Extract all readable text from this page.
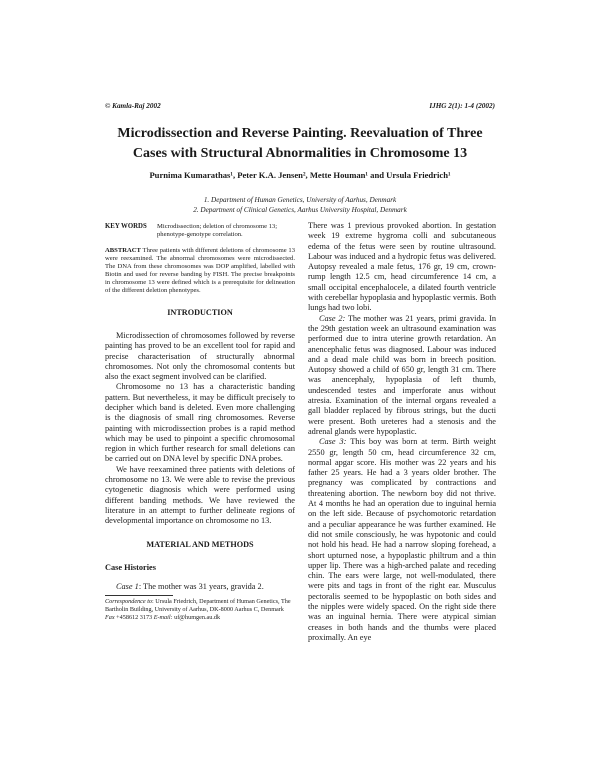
© Kamla-Raj 2002	IJHG 2(1): 1-4 (2002)
Microdissection and Reverse Painting. Reevaluation of Three Cases with Structural Abnormalities in Chromosome 13
Purnima Kumarathas¹, Peter K.A. Jensen², Mette Houman¹ and Ursula Friedrich¹
1. Department of Human Genetics, University of Aarhus, Denmark
2. Department of Clinical Genetics, Aarhus University Hospital, Denmark
KEY WORDS	Microdissection; deletion of chromosome 13; phenotype-genotype correlation.

ABSTRACT Three patients with different deletions of chromosome 13 were reexamined. The abnormal chromosomes were microdissected. The DNA from these chromosomes was DOP amplified, labelled with Biotin and used for reverse banding by FISH. The precise breakpoints in chromosome 13 were defined which is a prerequisite for delineation of the different deletion phenotypes.

INTRODUCTION

Microdissection of chromosomes followed by reverse painting has proved to be an excellent tool for rapid and precise characterisation of structurally abnormal chromosomes. Not only the chromosomal contents but also the exact segment involved can be clarified.

Chromosome no 13 has a characteristic banding pattern. But nevertheless, it may be difficult precisely to decipher which band is deleted. Even more challenging is the diagnosis of small ring chromosomes. Reverse painting with microdissection probes is a rapid method which may be used to pinpoint a specific chromosomal region in which further research for small deletions can be carried out on DNA level by specific DNA probes.

We have reexamined three patients with deletions of chromosome no 13. We were able to revise the previous cytogenetic diagnosis which were performed using different banding methods. We have reviewed the literature in an attempt to further delineate regions of developmental importance on chromosome no 13.

MATERIAL AND METHODS

Case Histories

Case 1: The mother was 31 years, gravida 2.

Correspondence to: Ursula Friedrich, Department of Human Genetics, The Bartholin Building, University of Aarhus, DK-8000 Aarhus C, Denmark
Fax +458612 3173 E-mail: uf@humgen.au.dk

There was 1 previous provoked abortion. In gestation week 19 extreme hygroma colli and subcutaneous edema of the fetus were seen by routine ultrasound. Labour was induced and a hydropic fetus was delivered. Autopsy revealed a male fetus, 176 gr, 19 cm, crown-rump length 12.5 cm, head circumference 14 cm, a small occipital encephalocele, a dilated fourth ventricle with cerebellar hypoplasia and hypoplastic vermis. Both lungs had two lobi.

Case 2: The mother was 21 years, primi gravida. In the 29th gestation week an ultrasound examination was performed due to intra uterine growth retardation. An anencephalic fetus was diagnosed. Labour was induced and a dead male child was born in breech position. Autopsy showed a child of 650 gr, length 31 cm. There was anencephaly, hypoplasia of left thumb, undescended testes and imperforate anus without atresia. Examination of the internal organs revealed a gall bladder replaced by fibrous strings, but the ducti were present. Both ureteres had a stenosis and the adrenal glands were hypoplastic.

Case 3: This boy was born at term. Birth weight 2550 gr, length 50 cm, head circumference 32 cm, normal apgar score. His mother was 22 years and his father 25 years. He had a 3 years older brother. The pregnancy was complicated by contractions and threatening abortion. The newborn boy did not thrive. At 4 months he had an operation due to inguinal hernia on the left side. Because of psychomotoric retardation and a peculiar appearance he was further examined. He did not smile consciously, he was hypotonic and could not hold his head. He had a narrow sloping forehead, a short upturned nose, a hypoplastic philtrum and a thin upper lip. There was a high-arched palate and receding chin. The ears were large, not well-modulated, there were pits and tags in front of the right ear. Musculus pectoralis seemed to be hypoplastic on both sides and the nipples were widely spaced. On the right side there was an inguinal hernia. There were atypical simian creases in both hands and the thumbs were placed proximally. An eye
